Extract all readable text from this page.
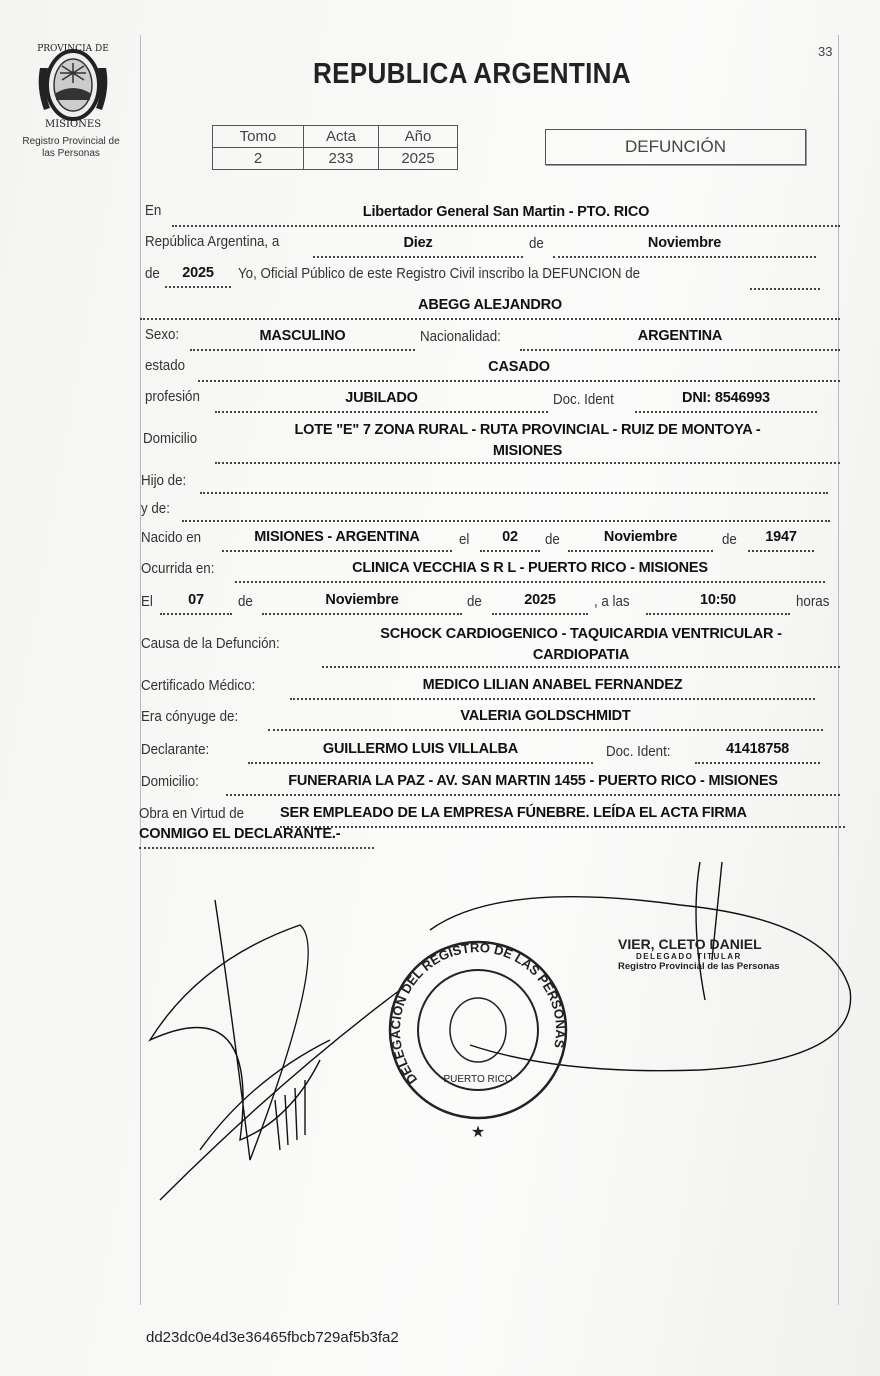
PROVINCIA DE
MISIONES
Registro Provincial de
las Personas
33
REPUBLICA ARGENTINA
Tomo	Acta	Año
2	233	2025
DEFUNCIÓN
En	Libertador General San Martin - PTO. RICO
República Argentina, a	Diez	de	Noviembre
de	2025	Yo, Oficial Público de este Registro Civil inscribo la DEFUNCION de
ABEGG ALEJANDRO
Sexo:	MASCULINO	Nacionalidad:	ARGENTINA
estado	CASADO
profesión	JUBILADO	Doc. Ident	DNI: 8546993
Domicilio
LOTE "E" 7 ZONA RURAL - RUTA PROVINCIAL - RUIZ DE MONTOYA -
MISIONES
Hijo de:
y de:
Nacido en	MISIONES - ARGENTINA	el	02	de	Noviembre	de	1947
Ocurrida en:	CLINICA VECCHIA S R L - PUERTO RICO - MISIONES
El	07	de	Noviembre	de	2025	, a las	10:50	horas
Causa de la Defunción:
SCHOCK CARDIOGENICO - TAQUICARDIA VENTRICULAR -
CARDIOPATIA
Certificado Médico:	MEDICO LILIAN ANABEL FERNANDEZ
Era cónyuge de:	VALERIA GOLDSCHMIDT
Declarante:	GUILLERMO LUIS VILLALBA	Doc. Ident:	41418758
Domicilio:	FUNERARIA LA PAZ - AV. SAN MARTIN 1455 - PUERTO RICO - MISIONES
Obra en Virtud de SER EMPLEADO DE LA EMPRESA FÚNEBRE. LEÍDA EL ACTA FIRMA
CONMIGO EL DECLARANTE.-
DELEGACIÓN DEL REGISTRO DE LAS PERSONAS
PUERTO RICO
★
VIER, CLETO DANIEL
DELEGADO TITULAR
Registro Provincial de las Personas
dd23dc0e4d3e36465fbcb729af5b3fa2
